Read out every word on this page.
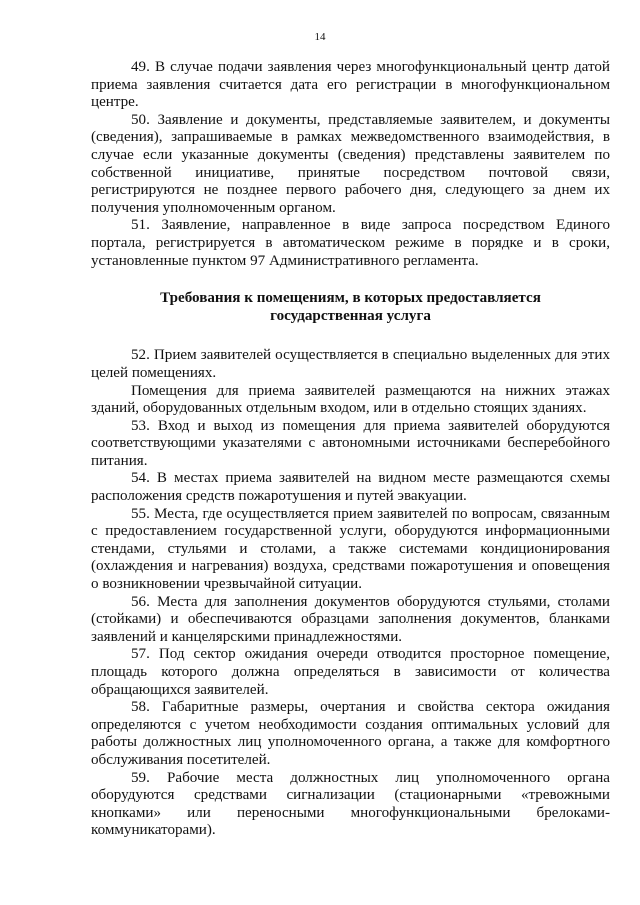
14

49. В случае подачи заявления через многофункциональный центр датой приема заявления считается дата его регистрации в многофункциональном центре.

50. Заявление и документы, представляемые заявителем, и документы (сведения), запрашиваемые в рамках межведомственного взаимодействия, в случае если указанные документы (сведения) представлены заявителем по собственной инициативе, принятые посредством почтовой связи, регистрируются не позднее первого рабочего дня, следующего за днем их получения уполномоченным органом.

51. Заявление, направленное в виде запроса посредством Единого портала, регистрируется в автоматическом режиме в порядке и в сроки, установленные пунктом 97 Административного регламента.

Требования к помещениям, в которых предоставляется
государственная услуга

52. Прием заявителей осуществляется в специально выделенных для этих целей помещениях.

Помещения для приема заявителей размещаются на нижних этажах зданий, оборудованных отдельным входом, или в отдельно стоящих зданиях.

53. Вход и выход из помещения для приема заявителей оборудуются соответствующими указателями с автономными источниками бесперебойного питания.

54. В местах приема заявителей на видном месте размещаются схемы расположения средств пожаротушения и путей эвакуации.

55. Места, где осуществляется прием заявителей по вопросам, связанным с предоставлением государственной услуги, оборудуются информационными стендами, стульями и столами, а также системами кондиционирования (охлаждения и нагревания) воздуха, средствами пожаротушения и оповещения о возникновении чрезвычайной ситуации.

56. Места для заполнения документов оборудуются стульями, столами (стойками) и обеспечиваются образцами заполнения документов, бланками заявлений и канцелярскими принадлежностями.

57. Под сектор ожидания очереди отводится просторное помещение, площадь которого должна определяться в зависимости от количества обращающихся заявителей.

58. Габаритные размеры, очертания и свойства сектора ожидания определяются с учетом необходимости создания оптимальных условий для работы должностных лиц уполномоченного органа, а также для комфортного обслуживания посетителей.

59. Рабочие места должностных лиц уполномоченного органа оборудуются средствами сигнализации (стационарными «тревожными кнопками» или переносными многофункциональными брелоками-коммуникаторами).
